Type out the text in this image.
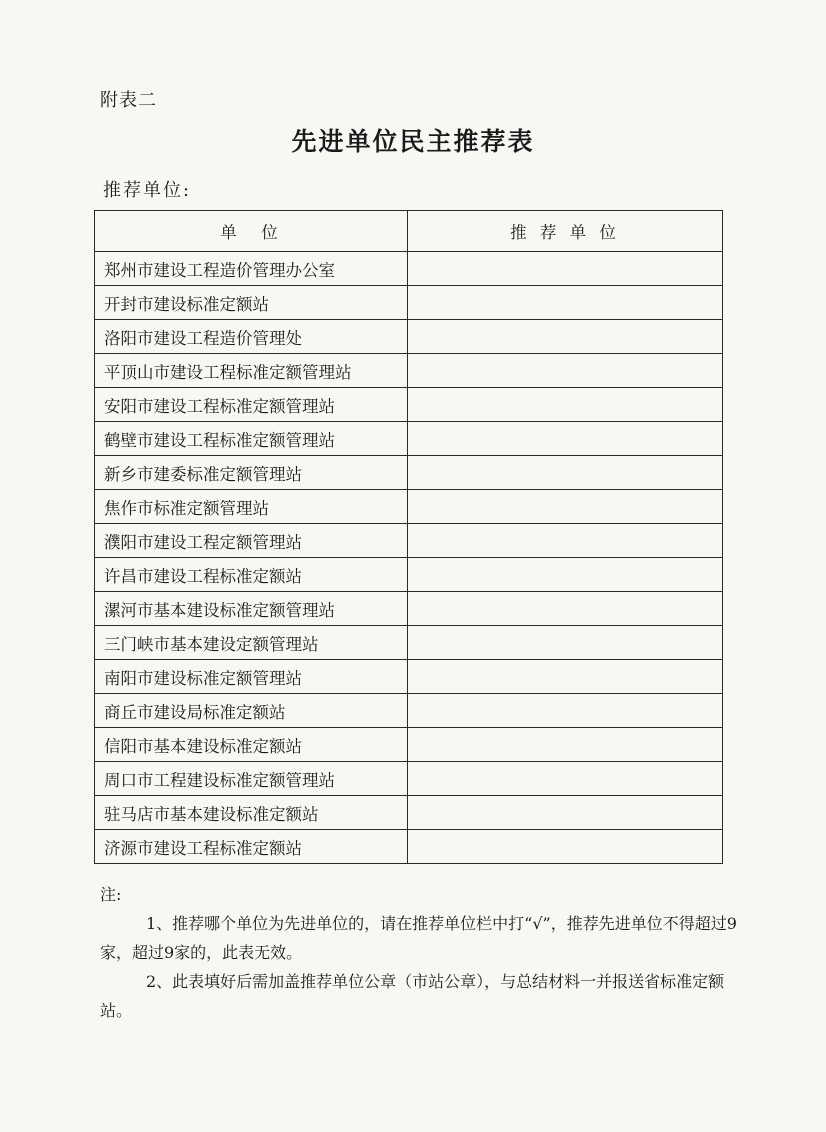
附表二
先进单位民主推荐表
推荐单位:
单　位	推 荐 单 位
郑州市建设工程造价管理办公室	
开封市建设标准定额站	
洛阳市建设工程造价管理处	
平顶山市建设工程标准定额管理站	
安阳市建设工程标准定额管理站	
鹤壁市建设工程标准定额管理站	
新乡市建委标准定额管理站	
焦作市标准定额管理站	
濮阳市建设工程定额管理站	
许昌市建设工程标准定额站	
漯河市基本建设标准定额管理站	
三门峡市基本建设定额管理站	
南阳市建设标准定额管理站	
商丘市建设局标准定额站	
信阳市基本建设标准定额站	
周口市工程建设标准定额管理站	
驻马店市基本建设标准定额站	
济源市建设工程标准定额站	

注:

1、推荐哪个单位为先进单位的，请在推荐单位栏中打“√”，推荐先进单位不得超过9家，超过9家的，此表无效。

2、此表填好后需加盖推荐单位公章（市站公章），与总结材料一并报送省标准定额站。
